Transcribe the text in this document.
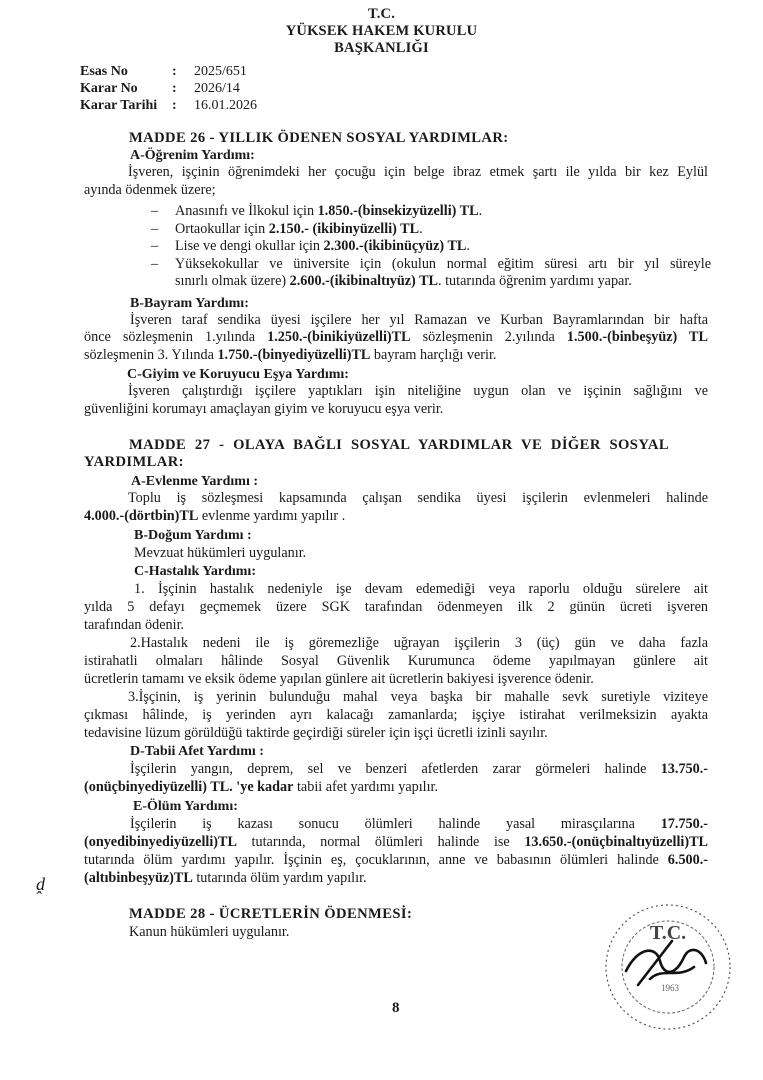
T.C.
YÜKSEK HAKEM KURULU
BAŞKANLIĞI
Esas No	:	2025/651
Karar No	:	2026/14
Karar Tarihi	:	16.01.2026
MADDE 26 - YILLIK ÖDENEN SOSYAL YARDIMLAR:
A-Öğrenim Yardımı:
İşveren, işçinin öğrenimdeki her çocuğu için belge ibraz etmek şartı ile yılda bir kez Eylül
ayında ödenmek üzere;
– Anasınıfı ve İlkokul için 1.850.-(binsekizyüzelli) TL.
– Ortaokullar için 2.150.- (ikibinyüzelli) TL.
– Lise ve dengi okullar için 2.300.-(ikibinüçyüz) TL.
– Yüksekokullar ve üniversite için (okulun normal eğitim süresi artı bir yıl süreyle
sınırlı olmak üzere) 2.600.-(ikibinaltıyüz) TL. tutarında öğrenim yardımı yapar.
B-Bayram Yardımı:
İşveren taraf sendika üyesi işçilere her yıl Ramazan ve Kurban Bayramlarından bir hafta
önce sözleşmenin 1.yılında 1.250.-(binikiyüzelli)TL sözleşmenin 2.yılında 1.500.-(binbeşyüz) TL
sözleşmenin 3. Yılında 1.750.-(binyediyüzelli)TL bayram harçlığı verir.
C-Giyim ve Koruyucu Eşya Yardımı:
İşveren çalıştırdığı işçilere yaptıkları işin niteliğine uygun olan ve işçinin sağlığını ve
güvenliğini korumayı amaçlayan giyim ve koruyucu eşya verir.
MADDE 27 - OLAYA BAĞLI SOSYAL YARDIMLAR VE DİĞER SOSYAL
YARDIMLAR:
A-Evlenme Yardımı :
Toplu iş sözleşmesi kapsamında çalışan sendika üyesi işçilerin evlenmeleri halinde
4.000.-(dörtbin)TL evlenme yardımı yapılır .
B-Doğum Yardımı :
Mevzuat hükümleri uygulanır.
C-Hastalık Yardımı:
1. İşçinin hastalık nedeniyle işe devam edemediği veya raporlu olduğu sürelere ait
yılda 5 defayı geçmemek üzere SGK tarafından ödenmeyen ilk 2 günün ücreti işveren
tarafından ödenir.
2.Hastalık nedeni ile iş göremezliğe uğrayan işçilerin 3 (üç) gün ve daha fazla
istirahatli olmaları hâlinde Sosyal Güvenlik Kurumunca ödeme yapılmayan günlere ait
ücretlerin tamamı ve eksik ödeme yapılan günlere ait ücretlerin bakiyesi işverence ödenir.
3.İşçinin, iş yerinin bulunduğu mahal veya başka bir mahalle sevk suretiyle viziteye
çıkması hâlinde, iş yerinden ayrı kalacağı zamanlarda; işçiye istirahat verilmeksizin ayakta
tedavisine lüzum görüldüğü taktirde geçirdiği süreler için işçi ücretli izinli sayılır.
D-Tabii Afet Yardımı :
İşçilerin yangın, deprem, sel ve benzeri afetlerden zarar görmeleri halinde 13.750.-
(onüçbinyediyüzelli) TL. 'ye kadar tabii afet yardımı yapılır.
E-Ölüm Yardımı:
İşçilerin iş kazası sonucu ölümleri halinde yasal mirasçılarına 17.750.-
(onyedibinyediyüzelli)TL tutarında, normal ölümleri halinde ise 13.650.-(onüçbinaltıyüzelli)TL
tutarında ölüm yardımı yapılır. İşçinin eş, çocuklarının, anne ve babasının ölümleri halinde 6.500.-
(altıbinbeşyüz)TL tutarında ölüm yardım yapılır.
MADDE 28 - ÜCRETLERİN ÖDENMESİ:
Kanun hükümleri uygulanır.
ḓ
T.C.
1963
8
